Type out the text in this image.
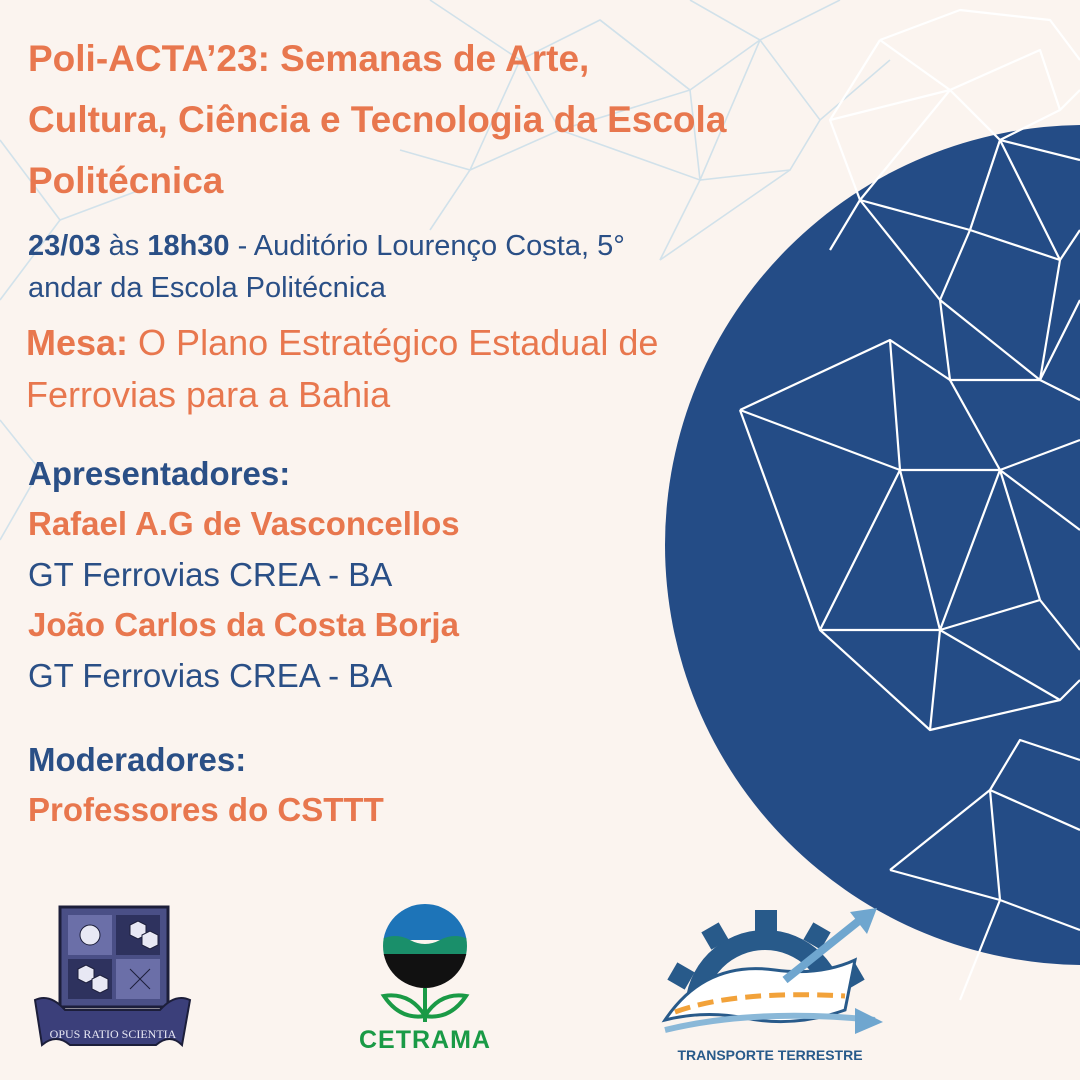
Poli-ACTA’23: Semanas de Arte, Cultura, Ciência e Tecnologia da Escola Politécnica

23/03 às 18h30 - Auditório Lourenço Costa, 5° andar da Escola Politécnica

Mesa: O Plano Estratégico Estadual de Ferrovias para a Bahia

Apresentadores:

Rafael A.G de Vasconcellos

GT Ferrovias CREA - BA

João Carlos da Costa Borja

GT Ferrovias CREA - BA

Moderadores:

Professores do CSTTT

OPUS RATIO SCIENTIA	CETRAMA
TRANSPORTE TERRESTRE
